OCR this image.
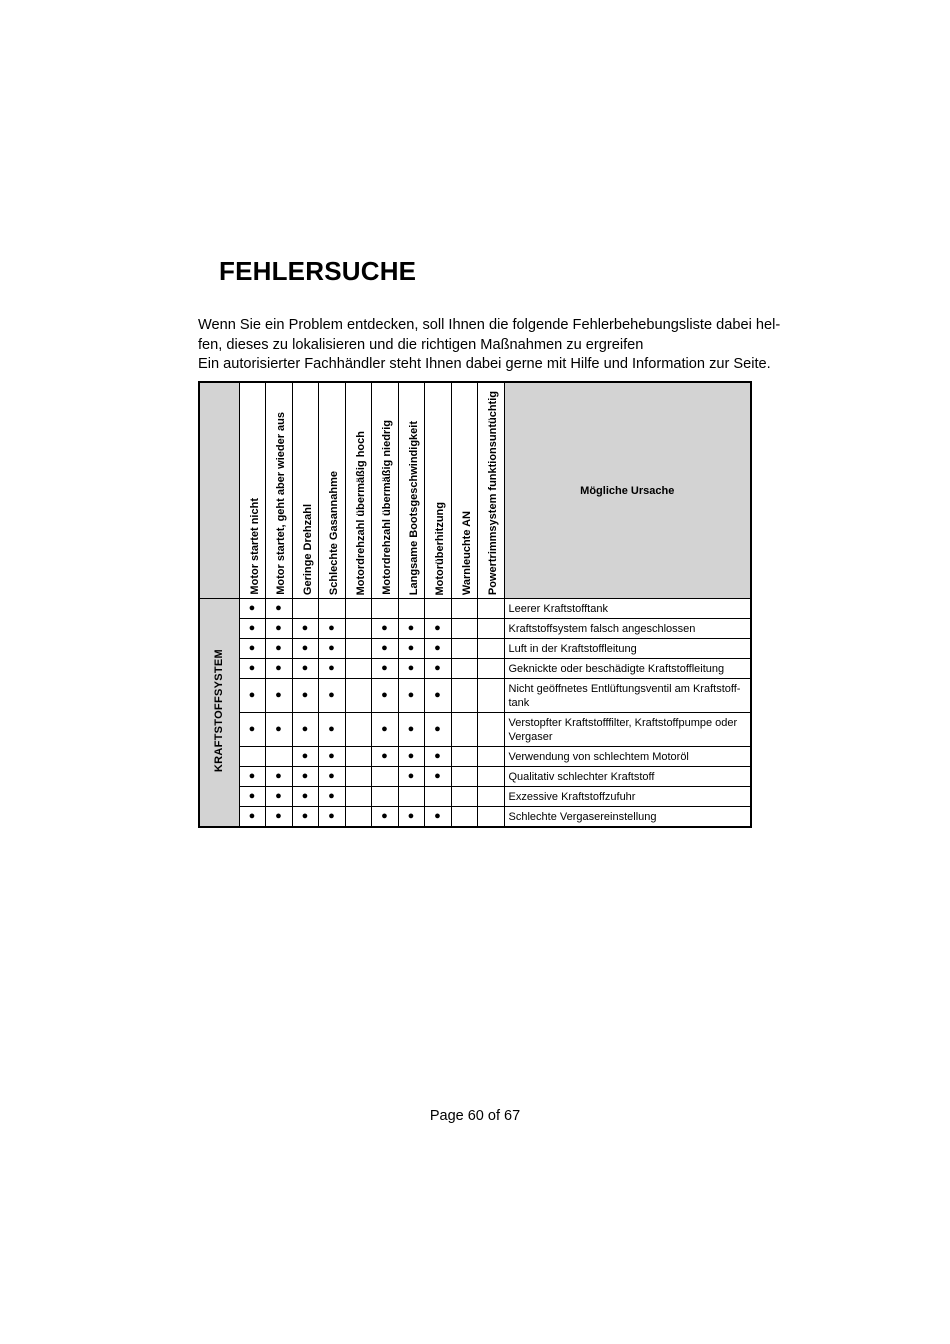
FEHLERSUCHE
Wenn Sie ein Problem entdecken, soll Ihnen die folgende Fehlerbehebungsliste dabei hel-
fen, dieses zu lokalisieren und die richtigen Maßnahmen zu ergreifen
Ein autorisierter Fachhändler steht Ihnen dabei gerne mit Hilfe und Information zur Seite.
	Motor startet nicht	Motor startet, geht aber wieder aus	Geringe Drehzahl	Schlechte Gasannahme	Motordrehzahl übermäßig hoch	Motordrehzahl übermäßig niedrig	Langsame Bootsgeschwindigkeit	Motorüberhitzung	Warnleuchte AN	Powertrimmsystem funktionsuntüchtig	Mögliche Ursache
KRAFTSTOFFSYSTEM	●	●									Leerer Kraftstofftank
	●	●	●	●		●	●	●			Kraftstoffsystem falsch angeschlossen
	●	●	●	●		●	●	●			Luft in der Kraftstoffleitung
	●	●	●	●		●	●	●			Geknickte oder beschädigte Kraftstoffleitung
	●	●	●	●		●	●	●			Nicht geöffnetes Entlüftungsventil am Kraftstoff-tank
	●	●	●	●		●	●	●			Verstopfter Kraftstofffilter, Kraftstoffpumpe oder Vergaser
			●	●		●	●	●			Verwendung von schlechtem Motoröl
	●	●	●	●			●	●			Qualitativ schlechter Kraftstoff
	●	●	●	●							Exzessive Kraftstoffzufuhr
	●	●	●	●		●	●	●			Schlechte Vergasereinstellung
Page 60 of 67
